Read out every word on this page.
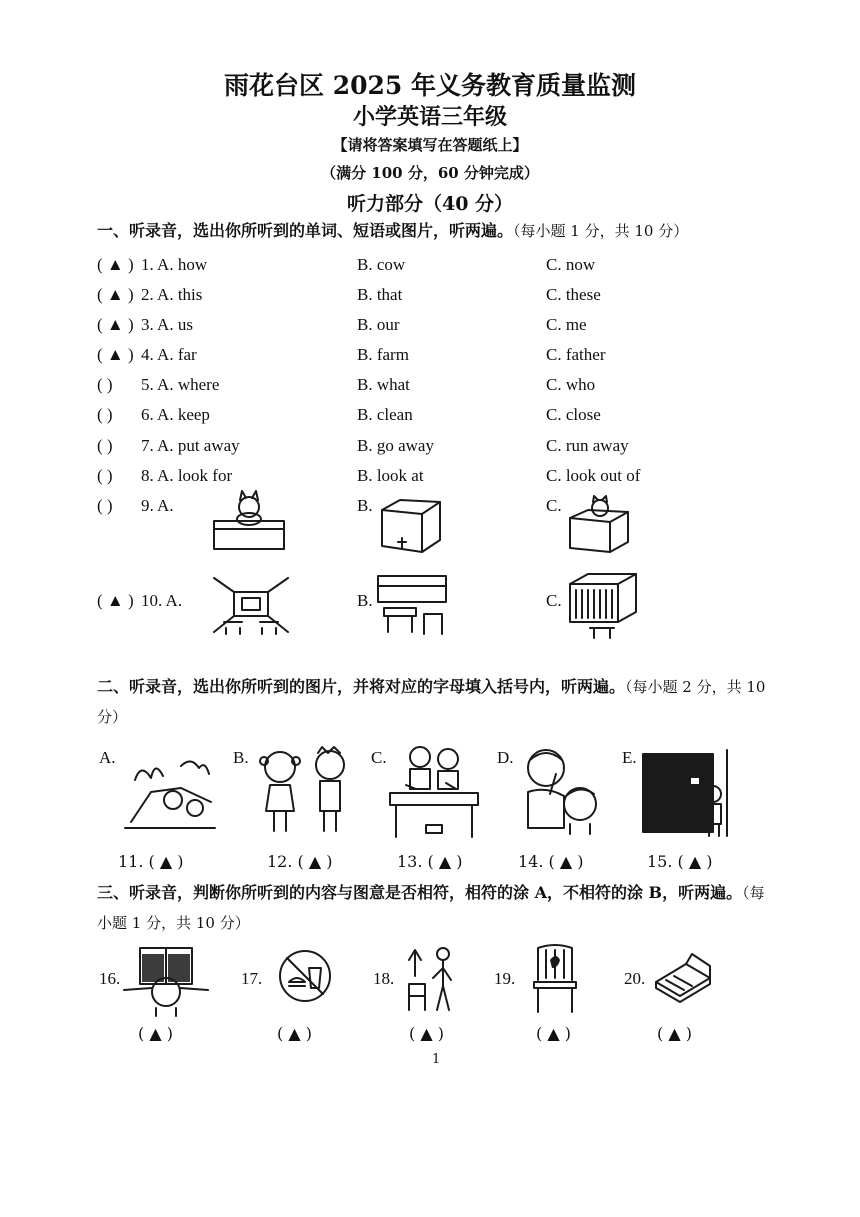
雨花台区 2025 年义务教育质量监测
小学英语三年级
【请将答案填写在答题纸上】
（满分 100 分，60 分钟完成）
听力部分（40 分）
一、听录音，选出你所听到的单词、短语或图片，听两遍。（每小题 1 分，共 10 分）
( ▲ ) 1. A. how	B. cow	C. now
( ▲ ) 2. A. this	B. that	C. these
( ▲ ) 3. A. us	B. our	C. me
( ▲ ) 4. A. far	B. farm	C. father
( ) 5. A. where	B. what	C. who
( ) 6. A. keep	B. clean	C. close
( ) 7. A. put away	B. go away	C. run away
( ) 8. A. look for	B. look at	C. look out of
( ) 9. A.	B.	C.
( ▲ ) 10. A.	B.	C.
二、听录音，选出你所听到的图片，并将对应的字母填入括号内，听两遍。（每小题 2 分，共 10 分）
A.	B.	C.	D.	E.
11. ( ▲ )	12. ( ▲ )	13. ( ▲ )	14. ( ▲ )	15. ( ▲ )
三、听录音，判断你所听到的内容与图意是否相符，相符的涂 A，不相符的涂 B，听两遍。（每小题 1 分，共 10 分）
16.	17.	18.	19.	20.
( ▲ )	( ▲ )	( ▲ )	( ▲ )	( ▲ )
1
